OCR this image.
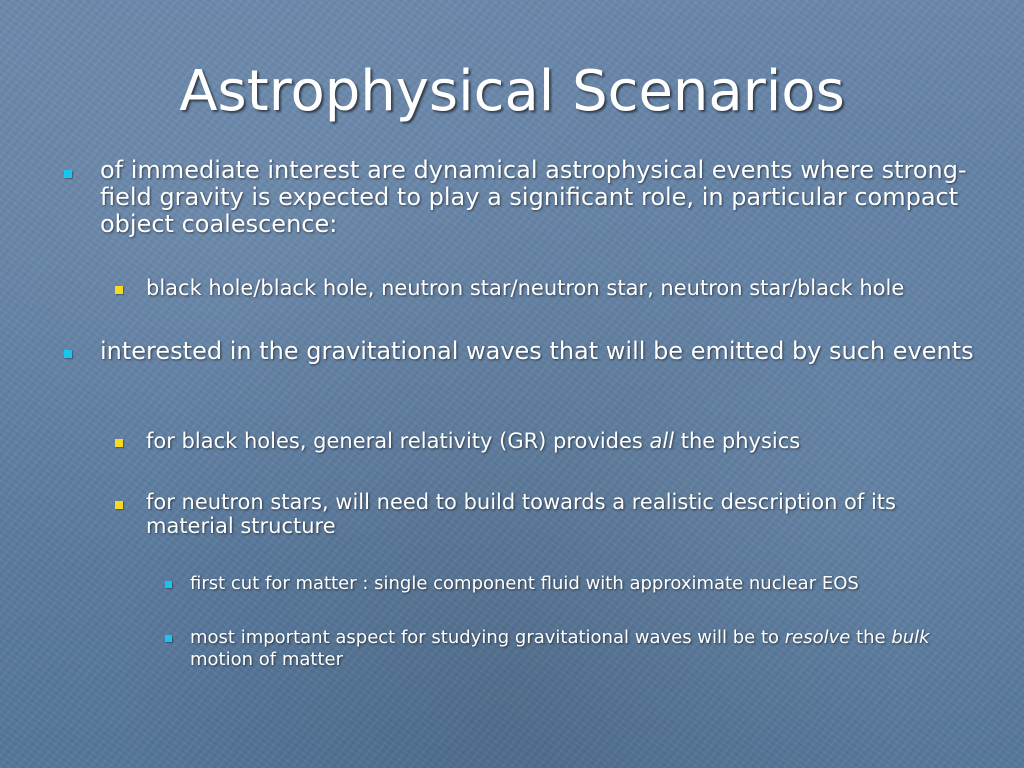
Astrophysical Scenarios
of immediate interest are dynamical astrophysical events where strong-field gravity is expected to play a significant role, in particular compact object coalescence:
black hole/black hole, neutron star/neutron star, neutron star/black hole
interested in the gravitational waves that will be emitted by such events
for black holes, general relativity (GR) provides all the physics
for neutron stars, will need to build towards a realistic description of its material structure
first cut for matter : single component fluid with approximate nuclear EOS
most important aspect for studying gravitational waves will be to resolve the bulk motion of matter
